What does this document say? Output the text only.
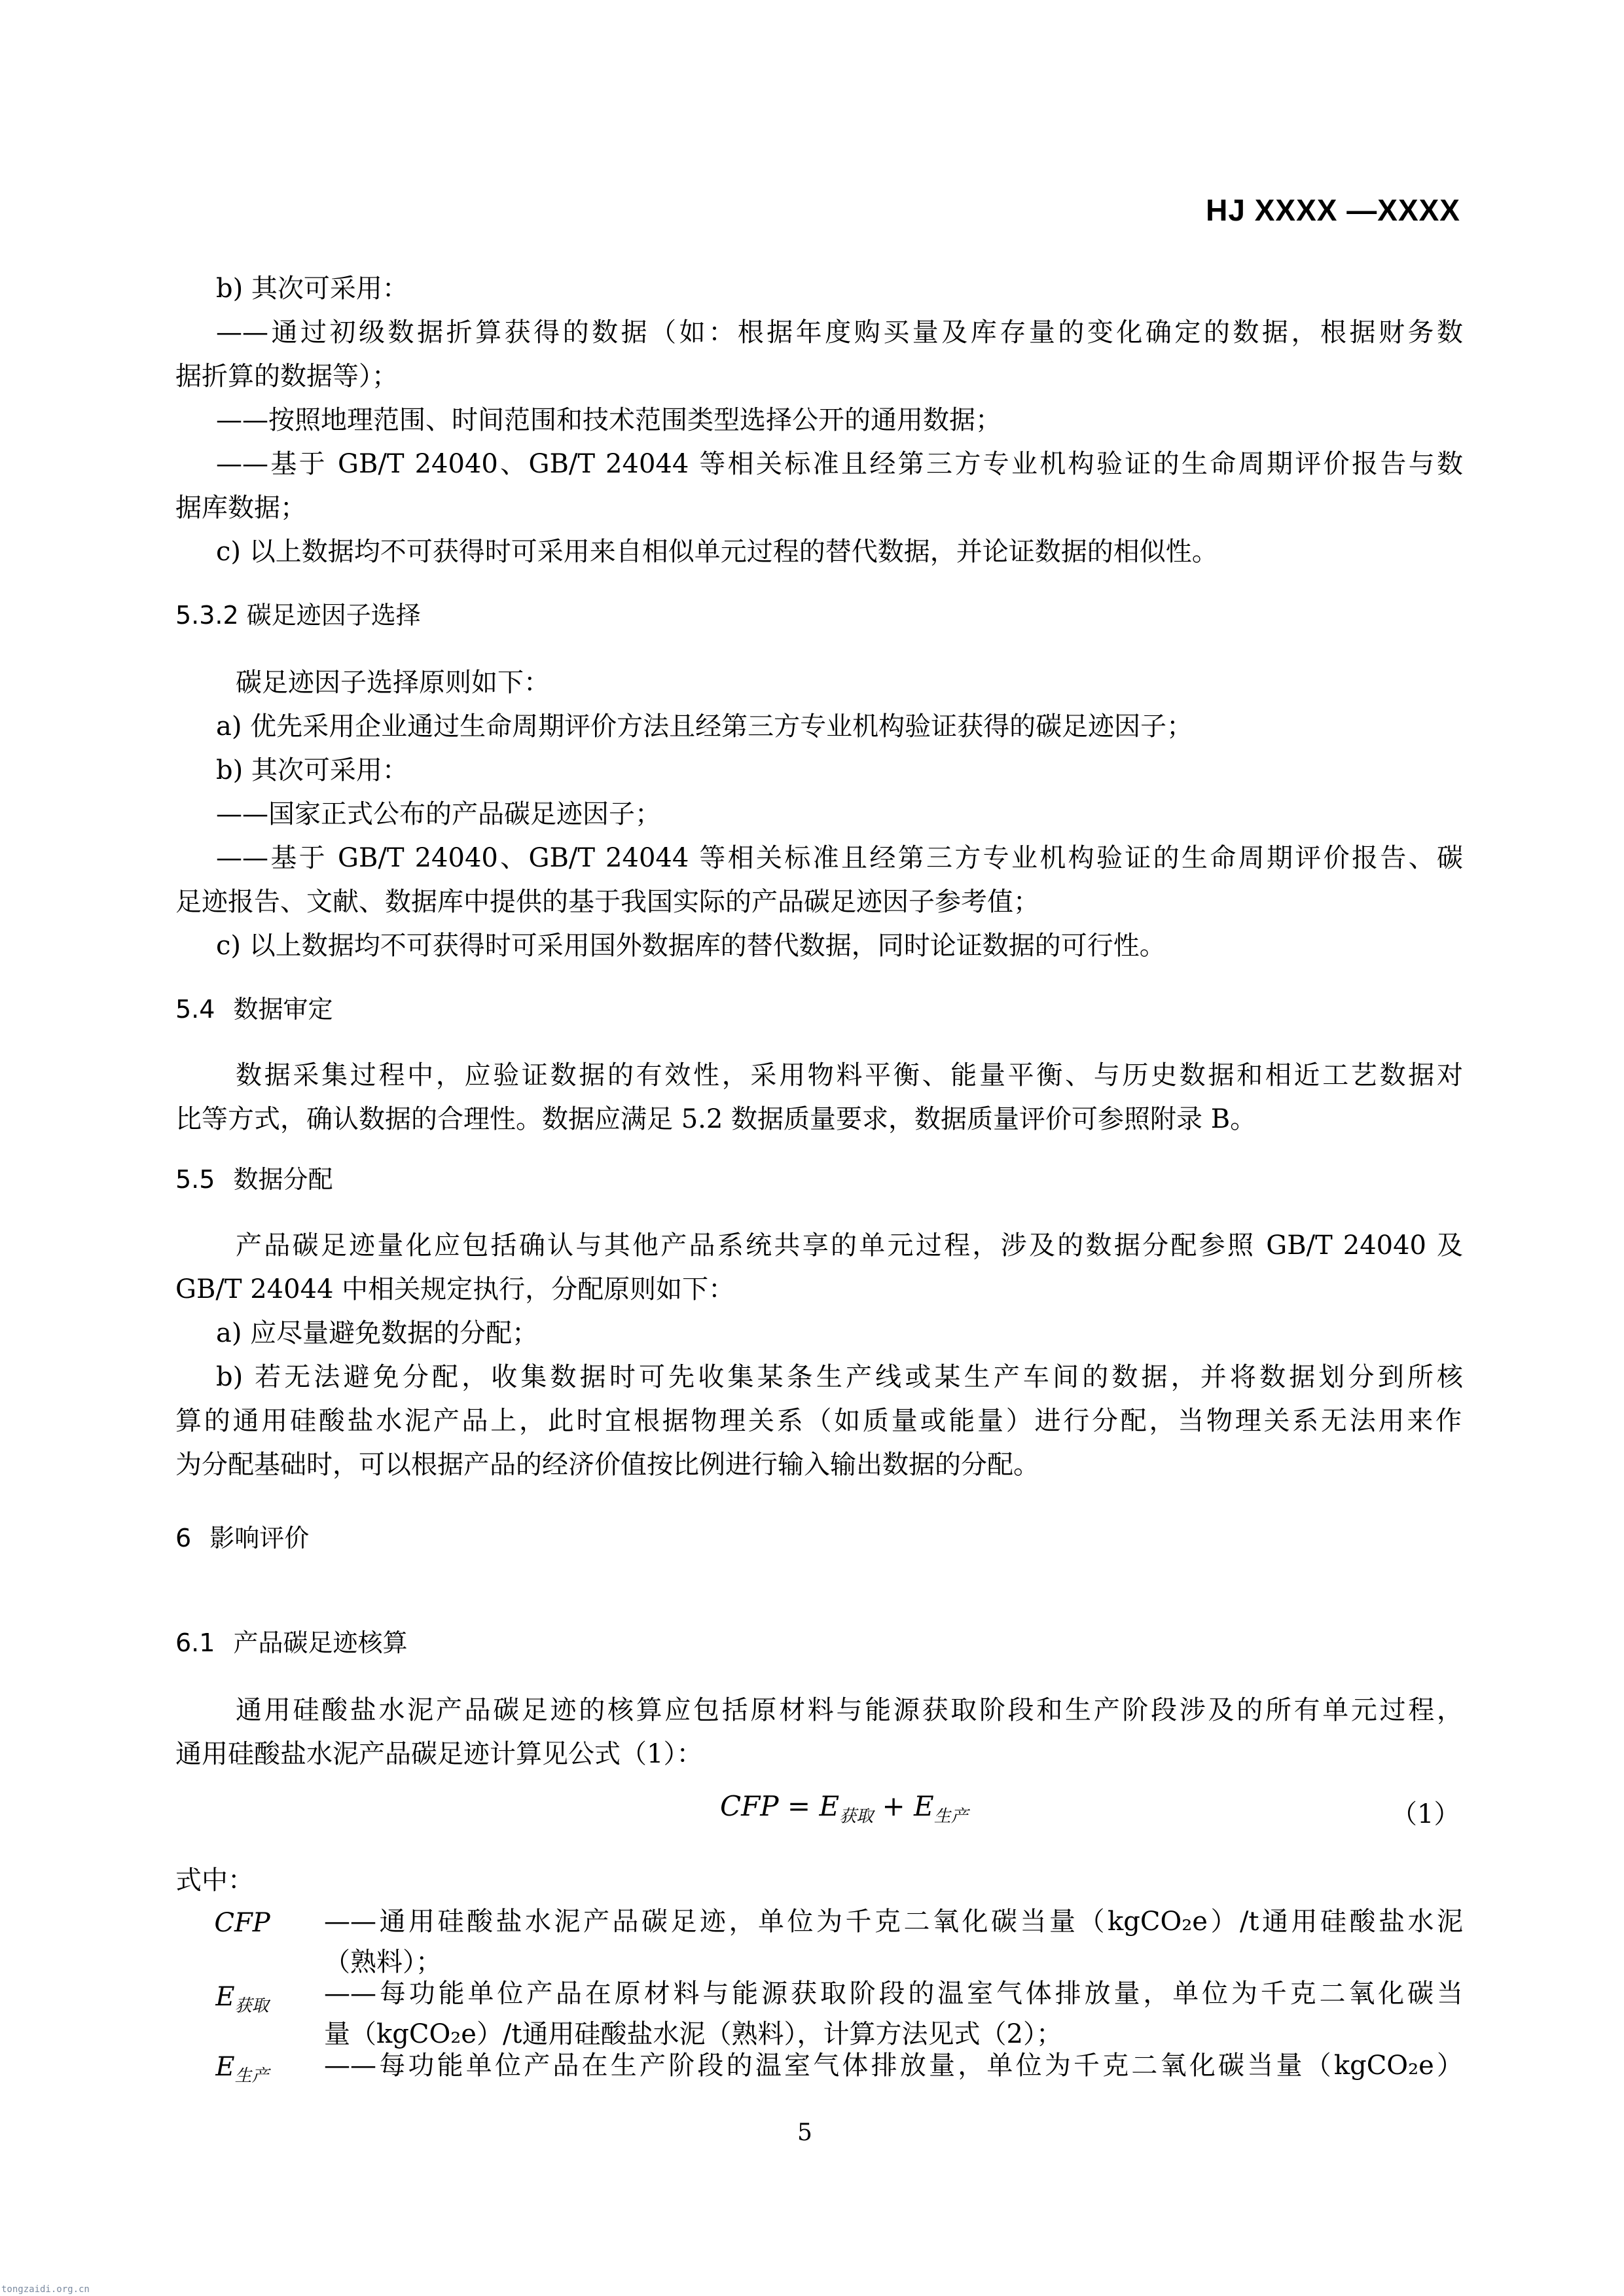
HJ XXXX —XXXX
b) 其次可采用：
——通过初级数据折算获得的数据（如：根据年度购买量及库存量的变化确定的数据，根据财务数
据折算的数据等）；
——按照地理范围、时间范围和技术范围类型选择公开的通用数据；
——基于 GB/T 24040、GB/T 24044 等相关标准且经第三方专业机构验证的生命周期评价报告与数
据库数据；
c) 以上数据均不可获得时可采用来自相似单元过程的替代数据，并论证数据的相似性。
5.3.2 碳足迹因子选择
碳足迹因子选择原则如下：
a) 优先采用企业通过生命周期评价方法且经第三方专业机构验证获得的碳足迹因子；
b) 其次可采用：
——国家正式公布的产品碳足迹因子；
——基于 GB/T 24040、GB/T 24044 等相关标准且经第三方专业机构验证的生命周期评价报告、碳
足迹报告、文献、数据库中提供的基于我国实际的产品碳足迹因子参考值；
c) 以上数据均不可获得时可采用国外数据库的替代数据，同时论证数据的可行性。
5.4 数据审定
数据采集过程中，应验证数据的有效性，采用物料平衡、能量平衡、与历史数据和相近工艺数据对
比等方式，确认数据的合理性。数据应满足 5.2 数据质量要求，数据质量评价可参照附录 B。
5.5 数据分配
产品碳足迹量化应包括确认与其他产品系统共享的单元过程，涉及的数据分配参照 GB/T 24040 及
GB/T 24044 中相关规定执行，分配原则如下：
a) 应尽量避免数据的分配；
b) 若无法避免分配，收集数据时可先收集某条生产线或某生产车间的数据，并将数据划分到所核
算的通用硅酸盐水泥产品上，此时宜根据物理关系（如质量或能量）进行分配，当物理关系无法用来作
为分配基础时，可以根据产品的经济价值按比例进行输入输出数据的分配。
6 影响评价
6.1 产品碳足迹核算
通用硅酸盐水泥产品碳足迹的核算应包括原材料与能源获取阶段和生产阶段涉及的所有单元过程，
通用硅酸盐水泥产品碳足迹计算见公式（1）：
CFP = $E_{获取} + E_{生产}$	（1）
式中：
CFP	——通用硅酸盐水泥产品碳足迹，单位为千克二氧化碳当量（kgCO₂e）/t通用硅酸盐水泥
（熟料）；
$E_{获取}$	——每功能单位产品在原材料与能源获取阶段的温室气体排放量，单位为千克二氧化碳当
量（kgCO₂e）/t通用硅酸盐水泥（熟料），计算方法见式（2）；
$E_{生产}$	——每功能单位产品在生产阶段的温室气体排放量，单位为千克二氧化碳当量（kgCO₂e）
5
tongzaidi.org.cn
